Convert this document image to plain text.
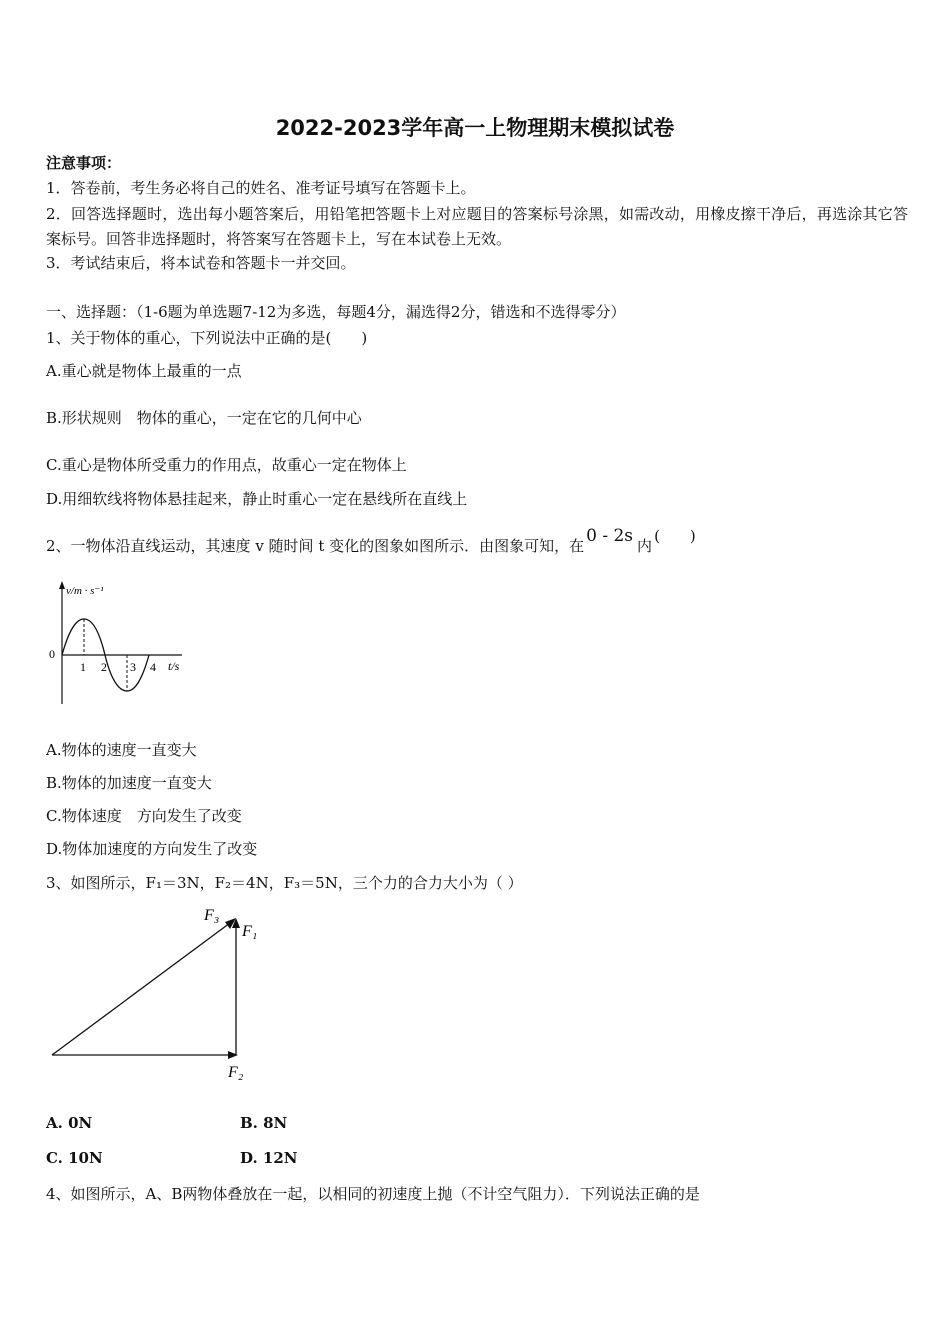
2022-2023学年高一上物理期末模拟试卷
注意事项：
1．答卷前，考生务必将自己的姓名、准考证号填写在答题卡上。
2．回答选择题时，选出每小题答案后，用铅笔把答题卡上对应题目的答案标号涂黑，如需改动，用橡皮擦干净后，再选涂其它答案标号。回答非选择题时，将答案写在答题卡上，写在本试卷上无效。
3．考试结束后，将本试卷和答题卡一并交回。
一、选择题：（1-6题为单选题7-12为多选，每题4分，漏选得2分，错选和不选得零分）
1、关于物体的重心，下列说法中正确的是(　　)
A.重心就是物体上最重的一点
B.形状规则　物体的重心，一定在它的几何中心
C.重心是物体所受重力的作用点，故重心一定在物体上
D.用细软线将物体悬挂起来，静止时重心一定在悬线所在直线上
2、一物体沿直线运动，其速度 v 随时间 t 变化的图象如图所示．由图象可知，在 0 - 2s 内(　　)
v/m · s⁻¹
0
1 2 3 4 t/s
A.物体的速度一直变大
B.物体的加速度一直变大
C.物体速度　方向发生了改变
D.物体加速度的方向发生了改变
3、如图所示，F₁＝3N，F₂＝4N，F₃＝5N，三个力的合力大小为（ ）
F₃
F₁
F₂
A. 0N	B. 8N
C. 10N	D. 12N
4、如图所示，A、B两物体叠放在一起，以相同的初速度上抛（不计空气阻力）．下列说法正确的是
